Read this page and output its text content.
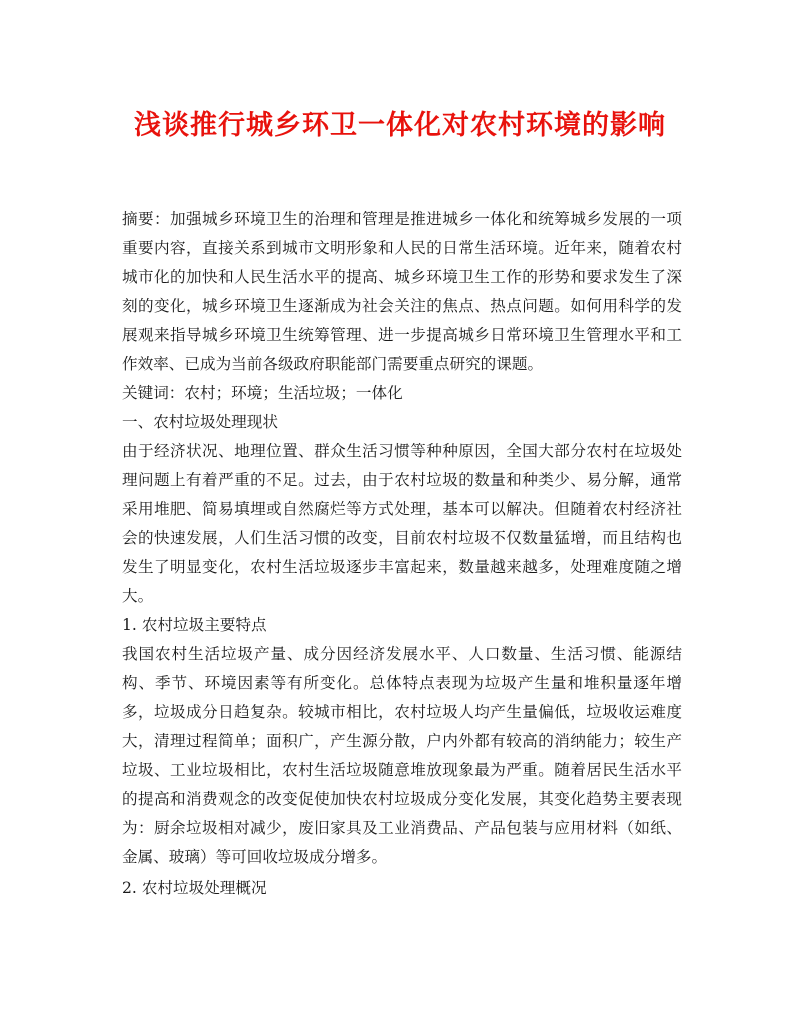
浅谈推行城乡环卫一体化对农村环境的影响

摘要：加强城乡环境卫生的治理和管理是推进城乡一体化和统筹城乡发展的一项重要内容，直接关系到城市文明形象和人民的日常生活环境。近年来，随着农村城市化的加快和人民生活水平的提高、城乡环境卫生工作的形势和要求发生了深刻的变化，城乡环境卫生逐渐成为社会关注的焦点、热点问题。如何用科学的发展观来指导城乡环境卫生统筹管理、进一步提高城乡日常环境卫生管理水平和工作效率、已成为当前各级政府职能部门需要重点研究的课题。

关键词：农村；环境；生活垃圾；一体化

一、农村垃圾处理现状

由于经济状况、地理位置、群众生活习惯等种种原因，全国大部分农村在垃圾处理问题上有着严重的不足。过去，由于农村垃圾的数量和种类少、易分解，通常采用堆肥、简易填埋或自然腐烂等方式处理，基本可以解决。但随着农村经济社会的快速发展，人们生活习惯的改变，目前农村垃圾不仅数量猛增，而且结构也发生了明显变化，农村生活垃圾逐步丰富起来，数量越来越多，处理难度随之增大。

1. 农村垃圾主要特点

我国农村生活垃圾产量、成分因经济发展水平、人口数量、生活习惯、能源结构、季节、环境因素等有所变化。总体特点表现为垃圾产生量和堆积量逐年增多，垃圾成分日趋复杂。较城市相比，农村垃圾人均产生量偏低，垃圾收运难度大，清理过程简单；面积广，产生源分散，户内外都有较高的消纳能力；较生产垃圾、工业垃圾相比，农村生活垃圾随意堆放现象最为严重。随着居民生活水平的提高和消费观念的改变促使加快农村垃圾成分变化发展，其变化趋势主要表现为：厨余垃圾相对减少，废旧家具及工业消费品、产品包装与应用材料（如纸、金属、玻璃）等可回收垃圾成分增多。

2. 农村垃圾处理概况
